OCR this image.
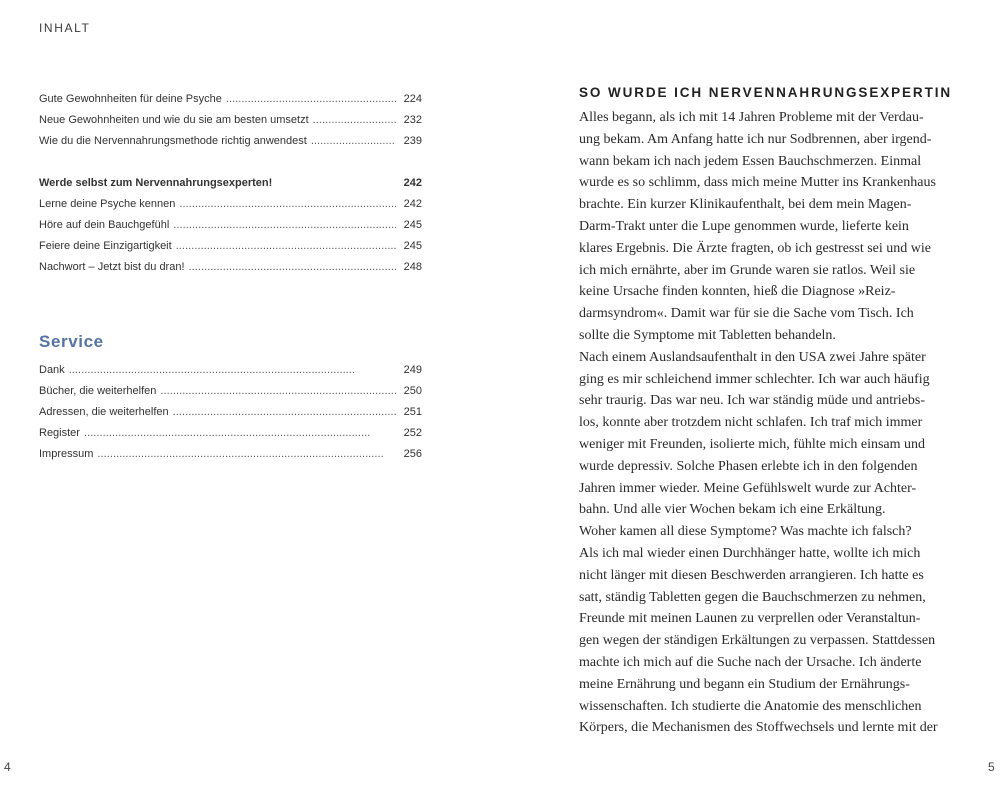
INHALT
Gute Gewohnheiten für deine Psyche . . .	224
Neue Gewohnheiten und wie du sie am besten umsetzt . . .	232
Wie du die Nervennahrungsmethode richtig anwendest . . .	239
Werde selbst zum Nervennahrungsexperten!	242
Lerne deine Psyche kennen . . .	242
Höre auf dein Bauchgefühl . . .	245
Feiere deine Einzigartigkeit . . .	245
Nachwort – Jetzt bist du dran! . . .	248
Service
Dank . . .	249
Bücher, die weiterhelfen . . .	250
Adressen, die weiterhelfen . . .	251
Register . . .	252
Impressum . . .	256
SO WURDE ICH NERVENNAHRUNGSEXPERTIN
Alles begann, als ich mit 14 Jahren Probleme mit der Verdau-
ung bekam. Am Anfang hatte ich nur Sodbrennen, aber irgend-
wann bekam ich nach jedem Essen Bauchschmerzen. Einmal
wurde es so schlimm, dass mich meine Mutter ins Krankenhaus
brachte. Ein kurzer Klinikaufenthalt, bei dem mein Magen-
Darm-Trakt unter die Lupe genommen wurde, lieferte kein
klares Ergebnis. Die Ärzte fragten, ob ich gestresst sei und wie
ich mich ernährte, aber im Grunde waren sie ratlos. Weil sie
keine Ursache finden konnten, hieß die Diagnose »Reiz-
darmsyndrom«. Damit war für sie die Sache vom Tisch. Ich
sollte die Symptome mit Tabletten behandeln.
Nach einem Auslandsaufenthalt in den USA zwei Jahre später
ging es mir schleichend immer schlechter. Ich war auch häufig
sehr traurig. Das war neu. Ich war ständig müde und antriebs-
los, konnte aber trotzdem nicht schlafen. Ich traf mich immer
weniger mit Freunden, isolierte mich, fühlte mich einsam und
wurde depressiv. Solche Phasen erlebte ich in den folgenden
Jahren immer wieder. Meine Gefühlswelt wurde zur Achter-
bahn. Und alle vier Wochen bekam ich eine Erkältung.
Woher kamen all diese Symptome? Was machte ich falsch?
Als ich mal wieder einen Durchhänger hatte, wollte ich mich
nicht länger mit diesen Beschwerden arrangieren. Ich hatte es
satt, ständig Tabletten gegen die Bauchschmerzen zu nehmen,
Freunde mit meinen Launen zu verprellen oder Veranstaltun-
gen wegen der ständigen Erkältungen zu verpassen. Stattdessen
machte ich mich auf die Suche nach der Ursache. Ich änderte
meine Ernährung und begann ein Studium der Ernährungs-
wissenschaften. Ich studierte die Anatomie des menschlichen
Körpers, die Mechanismen des Stoffwechsels und lernte mit der
4	5
